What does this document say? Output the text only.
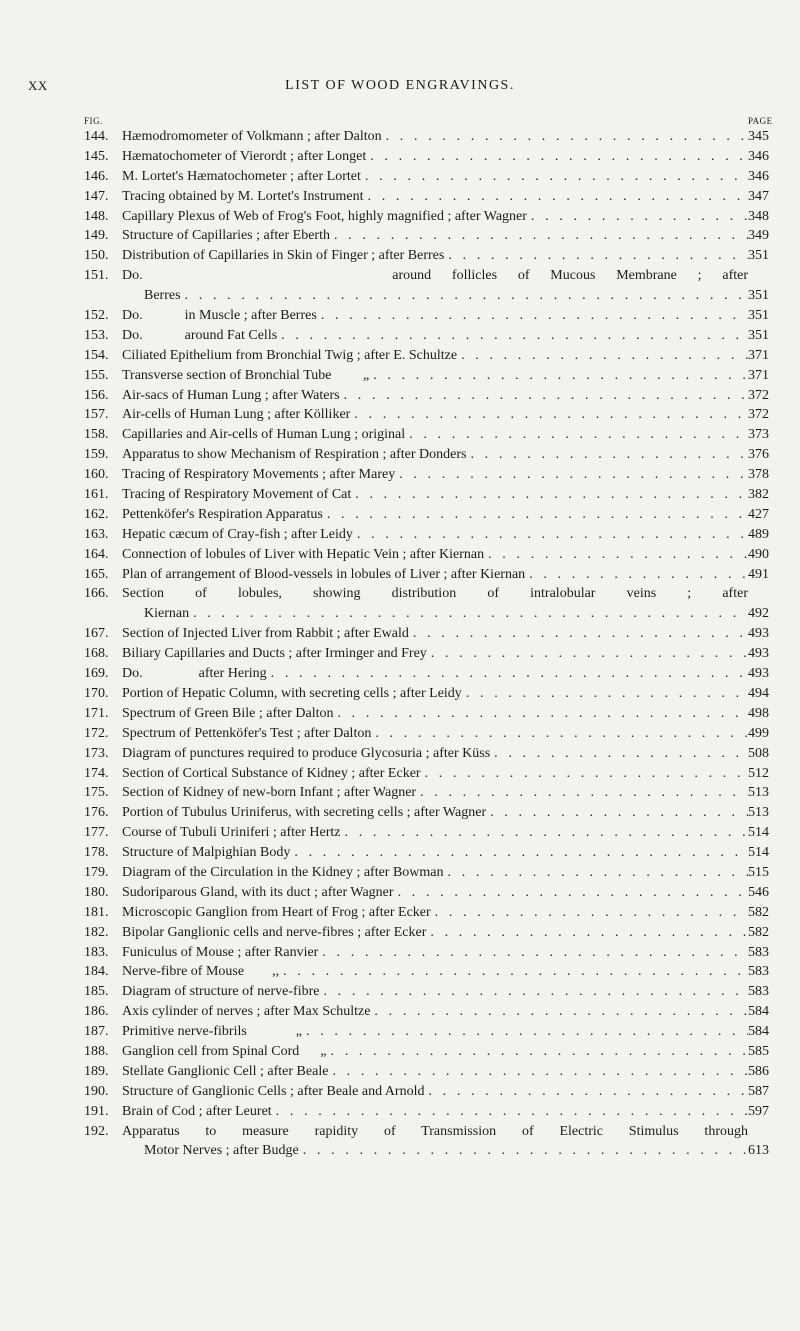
XX	LIST OF WOOD ENGRAVINGS.
FIG.	PAGE
144. Hæmodromometer of Volkmann ; after Dalton . . .	345
145. Hæmatochometer of Vierordt ; after Longet . . .	346
146. M. Lortet's Hæmatochometer ; after Lortet . . .	346
147. Tracing obtained by M. Lortet's Instrument . . .	347
148. Capillary Plexus of Web of Frog's Foot, highly magnified ; after Wagner . . .	348
149. Structure of Capillaries ; after Eberth . . .	349
150. Distribution of Capillaries in Skin of Finger ; after Berres . . .	351
151. Do.            around follicles of Mucous Membrane ; after
Berres . . .	351
152. Do.            in Muscle ; after Berres . . .	351
153. Do.            around Fat Cells . . .	351
154. Ciliated Epithelium from Bronchial Twig ; after E. Schultze . . .	371
155. Transverse section of Bronchial Tube         „ . . .	371
156. Air-sacs of Human Lung ; after Waters . . .	372
157. Air-cells of Human Lung ; after Kölliker . . .	372
158. Capillaries and Air-cells of Human Lung ; original . . .	373
159. Apparatus to show Mechanism of Respiration ; after Donders . . .	376
160. Tracing of Respiratory Movements ; after Marey . . .	378
161. Tracing of Respiratory Movement of Cat . . .	382
162. Pettenköfer's Respiration Apparatus . . .	427
163. Hepatic cæcum of Cray-fish ; after Leidy . . .	489
164. Connection of lobules of Liver with Hepatic Vein ; after Kiernan . . .	490
165. Plan of arrangement of Blood-vessels in lobules of Liver ; after Kiernan . . .	491
166. Section of lobules, showing distribution of intralobular veins ; after
Kiernan . . .	492
167. Section of Injected Liver from Rabbit ; after Ewald . . .	493
168. Biliary Capillaries and Ducts ; after Irminger and Frey . . .	493
169. Do.                after Hering . . .	493
170. Portion of Hepatic Column, with secreting cells ; after Leidy . . .	494
171. Spectrum of Green Bile ; after Dalton . . .	498
172. Spectrum of Pettenköfer's Test ; after Dalton . . .	499
173. Diagram of punctures required to produce Glycosuria ; after Küss . . .	508
174. Section of Cortical Substance of Kidney ; after Ecker . . .	512
175. Section of Kidney of new-born Infant ; after Wagner . . .	513
176. Portion of Tubulus Uriniferus, with secreting cells ; after Wagner . . .	513
177. Course of Tubuli Uriniferi ; after Hertz . . .	514
178. Structure of Malpighian Body . . .	514
179. Diagram of the Circulation in the Kidney ; after Bowman . . .	515
180. Sudoriparous Gland, with its duct ; after Wagner . . .	546
181. Microscopic Ganglion from Heart of Frog ; after Ecker . . .	582
182. Bipolar Ganglionic cells and nerve-fibres ; after Ecker . . .	582
183. Funiculus of Mouse ; after Ranvier . . .	583
184. Nerve-fibre of Mouse        ,, . . .	583
185. Diagram of structure of nerve-fibre . . .	583
186. Axis cylinder of nerves ; after Max Schultze . . .	584
187. Primitive nerve-fibrils              „ . . .	584
188. Ganglion cell from Spinal Cord      „ . . .	585
189. Stellate Ganglionic Cell ; after Beale . . .	586
190. Structure of Ganglionic Cells ; after Beale and Arnold . . .	587
191. Brain of Cod ; after Leuret . . .	597
192. Apparatus to measure rapidity of Transmission of Electric Stimulus through
Motor Nerves ; after Budge . . .	613
